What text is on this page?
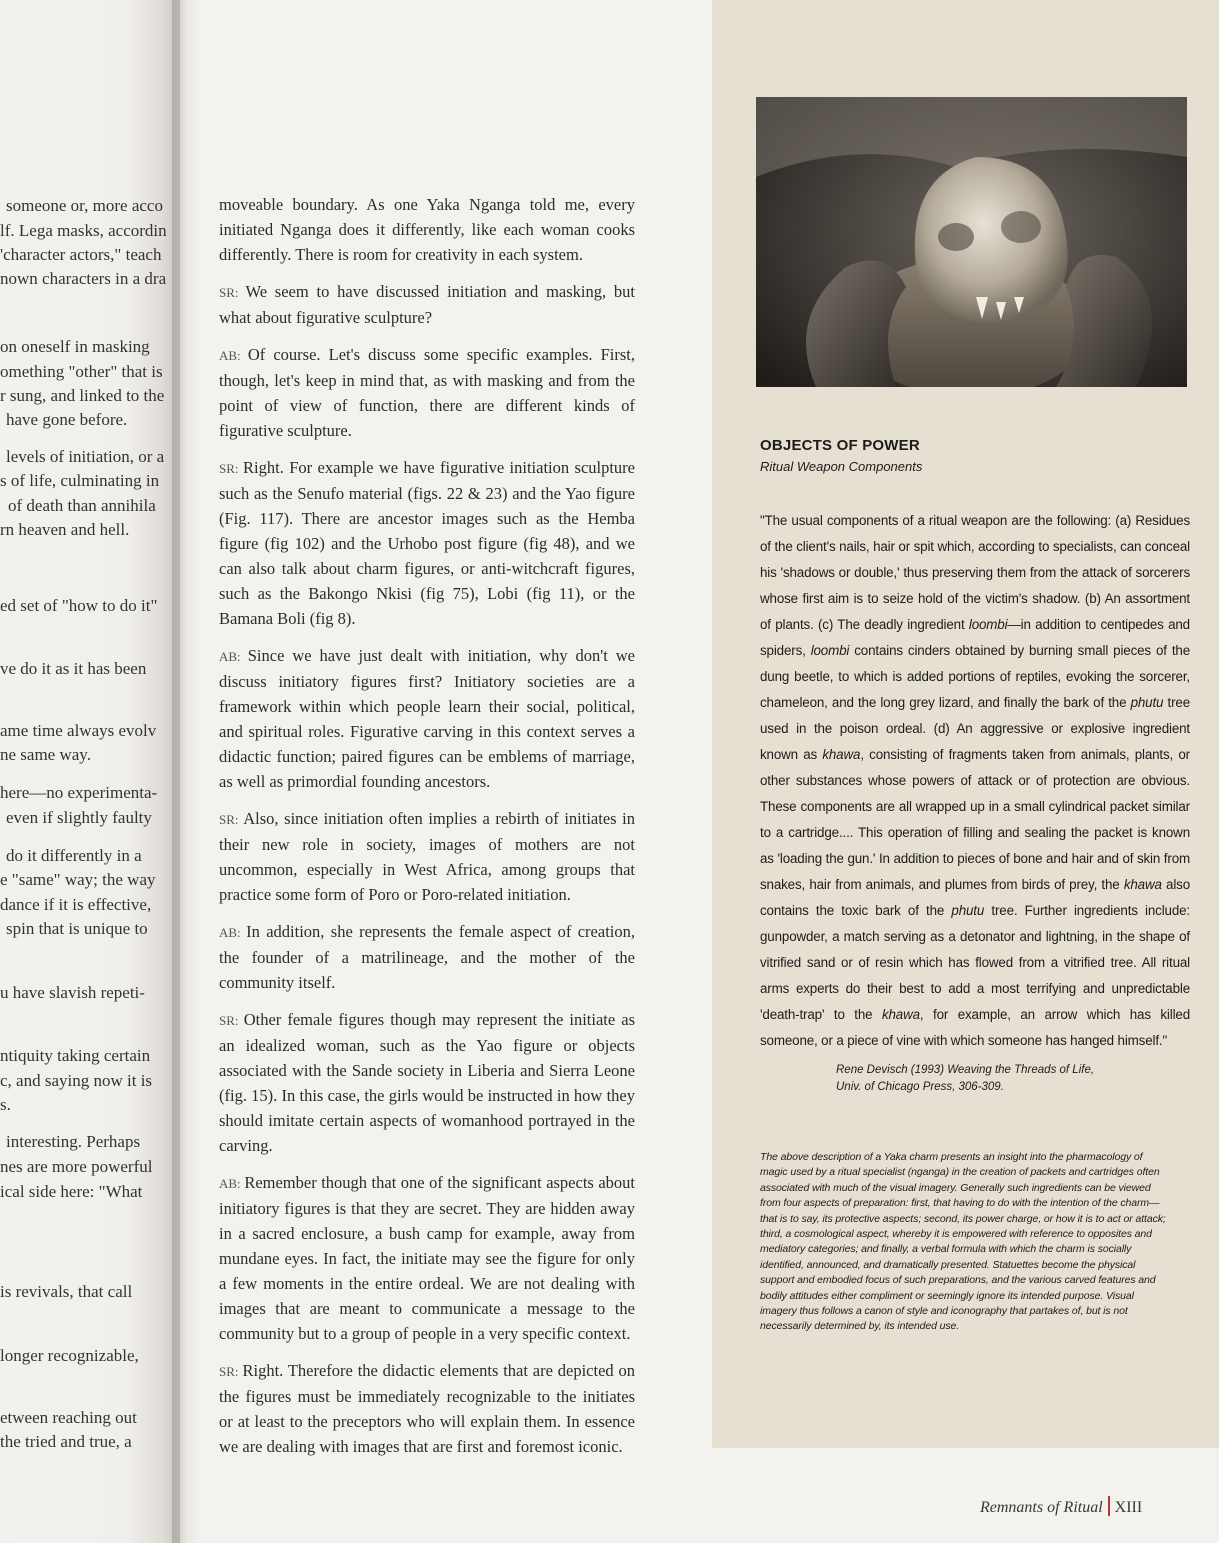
someone or, more acco
lf. Lega masks, accordin
'character actors," teach
nown characters in a dra
on oneself in masking
omething "other" that is
r sung, and linked to the
have gone before.
levels of initiation, or a
s of life, culminating in
of death than annihila
rn heaven and hell.
ed set of "how to do it"
ve do it as it has been
ame time always evolv
ne same way.
here—no experimenta-
even if slightly faulty
do it differently in a
e "same" way; the way
dance if it is effective,
spin that is unique to
u have slavish repeti-
ntiquity taking certain
c, and saying now it is
s.
interesting. Perhaps
nes are more powerful
ical side here: "What
is revivals, that call
longer recognizable,
etween reaching out
the tried and true, a

moveable boundary. As one Yaka Nganga told me, every initiated Nganga does it differently, like each woman cooks differently. There is room for creativity in each system.

SR: We seem to have discussed initiation and masking, but what about figurative sculpture?

AB: Of course. Let's discuss some specific examples. First, though, let's keep in mind that, as with masking and from the point of view of function, there are different kinds of figurative sculpture.

SR: Right. For example we have figurative initiation sculpture such as the Senufo material (figs. 22 & 23) and the Yao figure (Fig. 117). There are ancestor images such as the Hemba figure (fig 102) and the Urhobo post figure (fig 48), and we can also talk about charm figures, or anti-witchcraft figures, such as the Bakongo Nkisi (fig 75), Lobi (fig 11), or the Bamana Boli (fig 8).

AB: Since we have just dealt with initiation, why don't we discuss initiatory figures first? Initiatory societies are a framework within which people learn their social, political, and spiritual roles. Figurative carving in this context serves a didactic function; paired figures can be emblems of marriage, as well as primordial founding ancestors.

SR: Also, since initiation often implies a rebirth of initiates in their new role in society, images of mothers are not uncommon, especially in West Africa, among groups that practice some form of Poro or Poro-related initiation.

AB: In addition, she represents the female aspect of creation, the founder of a matrilineage, and the mother of the community itself.

SR: Other female figures though may represent the initiate as an idealized woman, such as the Yao figure or objects associated with the Sande society in Liberia and Sierra Leone (fig. 15). In this case, the girls would be instructed in how they should imitate certain aspects of womanhood portrayed in the carving.

AB: Remember though that one of the significant aspects about initiatory figures is that they are secret. They are hidden away in a sacred enclosure, a bush camp for example, away from mundane eyes. In fact, the initiate may see the figure for only a few moments in the entire ordeal. We are not dealing with images that are meant to communicate a message to the community but to a group of people in a very specific context.

SR: Right. Therefore the didactic elements that are depicted on the figures must be immediately recognizable to the initiates or at least to the preceptors who will explain them. In essence we are dealing with images that are first and foremost iconic.

OBJECTS OF POWER
Ritual Weapon Components
"The usual components of a ritual weapon are the following: (a) Residues of the client's nails, hair or spit which, according to specialists, can conceal his 'shadows or double,' thus preserving them from the attack of sorcerers whose first aim is to seize hold of the victim's shadow. (b) An assortment of plants. (c) The deadly ingredient loombi—in addition to centipedes and spiders, loombi contains cinders obtained by burning small pieces of the dung beetle, to which is added portions of reptiles, evoking the sorcerer, chameleon, and the long grey lizard, and finally the bark of the phutu tree used in the poison ordeal. (d) An aggressive or explosive ingredient known as khawa, consisting of fragments taken from animals, plants, or other substances whose powers of attack or of protection are obvious. These components are all wrapped up in a small cylindrical packet similar to a cartridge.... This operation of filling and sealing the packet is known as 'loading the gun.' In addition to pieces of bone and hair and of skin from snakes, hair from animals, and plumes from birds of prey, the khawa also contains the toxic bark of the phutu tree. Further ingredients include: gunpowder, a match serving as a detonator and lightning, in the shape of vitrified sand or of resin which has flowed from a vitrified tree. All ritual arms experts do their best to add a most terrifying and unpredictable 'death-trap' to the khawa, for example, an arrow which has killed someone, or a piece of vine with which someone has hanged himself."
Rene Devisch (1993) Weaving the Threads of Life,
Univ. of Chicago Press, 306-309.
The above description of a Yaka charm presents an insight into the pharmacology of magic used by a ritual specialist (nganga) in the creation of packets and cartridges often associated with much of the visual imagery. Generally such ingredients can be viewed from four aspects of preparation: first, that having to do with the intention of the charm—that is to say, its protective aspects; second, its power charge, or how it is to act or attack; third, a cosmological aspect, whereby it is empowered with reference to opposites and mediatory categories; and finally, a verbal formula with which the charm is socially identified, announced, and dramatically presented. Statuettes become the physical support and embodied focus of such preparations, and the various carved features and bodily attitudes either compliment or seemingly ignore its intended purpose. Visual imagery thus follows a canon of style and iconography that partakes of, but is not necessarily determined by, its intended use.
Remnants of Ritual XIII
